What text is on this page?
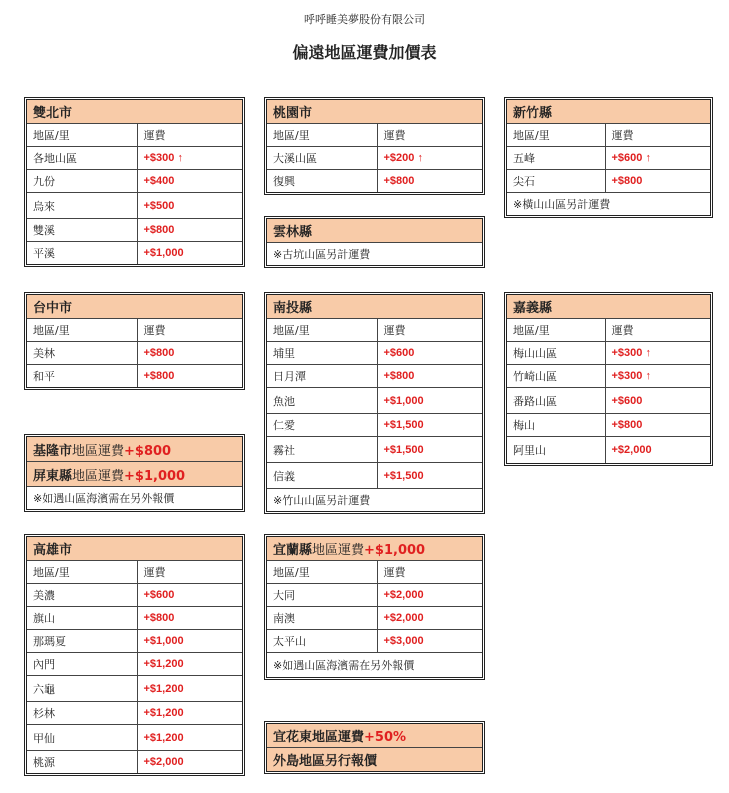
呼呼睡美夢股份有限公司
偏遠地區運費加價表
雙北市	
地區/里	運費
各地山區	+$300 ↑
九份	+$400
烏來	+$500
雙溪	+$800
平溪	+$1,000
桃園市	
地區/里	運費
大溪山區	+$200 ↑
復興	+$800
新竹縣	
地區/里	運費
五峰	+$600 ↑
尖石	+$800
※橫山山區另計運費	
雲林縣
※古坑山區另計運費
台中市	
地區/里	運費
美林	+$800
和平	+$800
南投縣	
地區/里	運費
埔里	+$600
日月潭	+$800
魚池	+$1,000
仁愛	+$1,500
霧社	+$1,500
信義	+$1,500
※竹山山區另計運費	
嘉義縣	
地區/里	運費
梅山山區	+$300 ↑
竹崎山區	+$300 ↑
番路山區	+$600
梅山	+$800
阿里山	+$2,000
基隆市地區運費+$800
屏東縣地區運費+$1,000
※如遇山區海濱需在另外報價
高雄市	
地區/里	運費
美濃	+$600
旗山	+$800
那瑪夏	+$1,000
內門	+$1,200
六龜	+$1,200
杉林	+$1,200
甲仙	+$1,200
桃源	+$2,000
宜蘭縣地區運費+$1,000	
地區/里	運費
大同	+$2,000
南澳	+$2,000
太平山	+$3,000
※如遇山區海濱需在另外報價	
宜花東地區運費+50%
外島地區另行報價
